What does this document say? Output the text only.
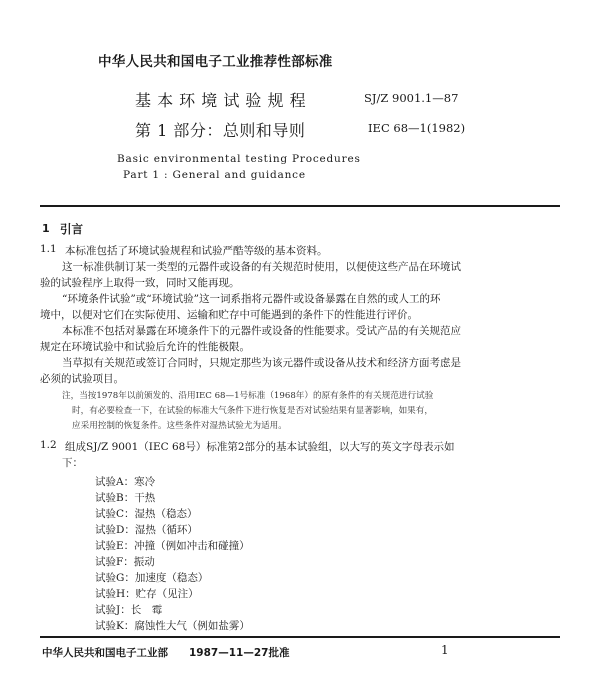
中华人民共和国电子工业推荐性部标准
基 本 环 境 试 验 规 程	SJ/Z 9001.1—87
第 1 部分：总则和导则	IEC 68—1(1982)
Basic environmental testing Procedures
Part 1 : General and guidance
1 引言
1.1 本标准包括了环境试验规程和试验严酷等级的基本资料。
这一标准供制订某一类型的元器件或设备的有关规范时使用，以便使这些产品在环境试
验的试验程序上取得一致，同时又能再现。
“环境条件试验”或“环境试验”这一词系指将元器件或设备暴露在自然的或人工的环
境中，以便对它们在实际使用、运输和贮存中可能遇到的条件下的性能进行评价。
本标准不包括对暴露在环境条件下的元器件或设备的性能要求。受试产品的有关规范应
规定在环境试验中和试验后允许的性能极限。
当草拟有关规范或签订合同时，只规定那些为该元器件或设备从技术和经济方面考虑是
必须的试验项目。
注，当按1978年以前颁发的、沿用IEC 68—1号标准（1968年）的原有条件的有关规范进行试验
时，有必要检查一下，在试验的标准大气条件下进行恢复是否对试验结果有显著影响，如果有，
应采用控制的恢复条件。这些条件对湿热试验尤为适用。
1.2 组成SJ/Z 9001（IEC 68号）标准第2部分的基本试验组，以大写的英文字母表示如
下：
试验A：寒冷
试验B：干热
试验C：湿热（稳态）
试验D：湿热（循环）
试验E：冲撞（例如冲击和碰撞）
试验F：振动
试验G：加速度（稳态）
试验H：贮存（见注）
试验J：长　霉
试验K：腐蚀性大气（例如盐雾）
中华人民共和国电子工业部 1987—11—27批准	1
